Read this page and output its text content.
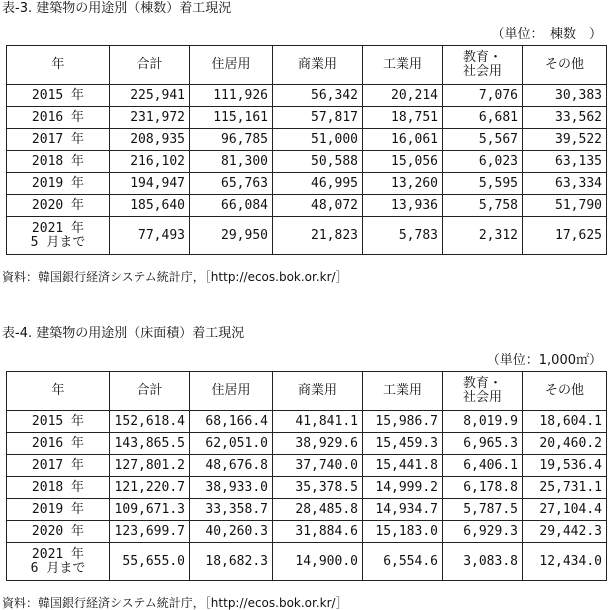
表-3. 建築物の用途別（棟数）着工現況
（単位：　棟数　）
年	合計	住居用	商業用	工業用	教育・
社会用	その他
2015 年	225,941	111,926	56,342	20,214	7,076	30,383
2016 年	231,972	115,161	57,817	18,751	6,681	33,562
2017 年	208,935	96,785	51,000	16,061	5,567	39,522
2018 年	216,102	81,300	50,588	15,056	6,023	63,135
2019 年	194,947	65,763	46,995	13,260	5,595	63,334
2020 年	185,640	66,084	48,072	13,936	5,758	51,790
2021 年
5 月まで	77,493	29,950	21,823	5,783	2,312	17,625
資料：韓国銀行経済システム統計庁，［http://ecos.bok.or.kr/］
表-4. 建築物の用途別（床面積）着工現況
（単位：1,000㎡）
年	合計	住居用	商業用	工業用	教育・
社会用	その他
2015 年	152,618.4	68,166.4	41,841.1	15,986.7	8,019.9	18,604.1
2016 年	143,865.5	62,051.0	38,929.6	15,459.3	6,965.3	20,460.2
2017 年	127,801.2	48,676.8	37,740.0	15,441.8	6,406.1	19,536.4
2018 年	121,220.7	38,933.0	35,378.5	14,999.2	6,178.8	25,731.1
2019 年	109,671.3	33,358.7	28,485.8	14,934.7	5,787.5	27,104.4
2020 年	123,699.7	40,260.3	31,884.6	15,183.0	6,929.3	29,442.3
2021 年
6 月まで	55,655.0	18,682.3	14,900.0	6,554.6	3,083.8	12,434.0
資料：韓国銀行経済システム統計庁，［http://ecos.bok.or.kr/］
